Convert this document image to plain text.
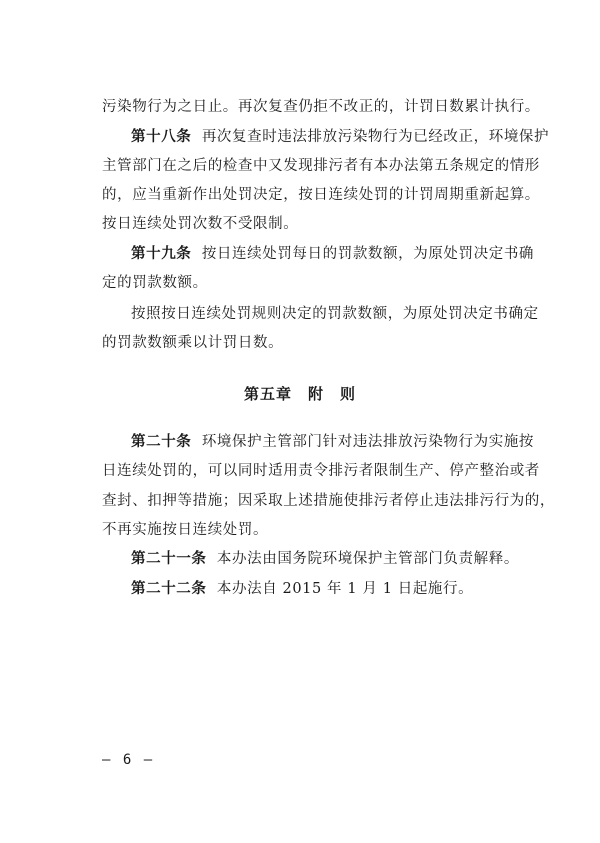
污染物行为之日止。再次复查仍拒不改正的，计罚日数累计执行。
第十八条 再次复查时违法排放污染物行为已经改正，环境保护
主管部门在之后的检查中又发现排污者有本办法第五条规定的情形
的，应当重新作出处罚决定，按日连续处罚的计罚周期重新起算。
按日连续处罚次数不受限制。
第十九条 按日连续处罚每日的罚款数额，为原处罚决定书确
定的罚款数额。
按照按日连续处罚规则决定的罚款数额，为原处罚决定书确定
的罚款数额乘以计罚日数。
第五章 附　则
第二十条 环境保护主管部门针对违法排放污染物行为实施按
日连续处罚的，可以同时适用责令排污者限制生产、停产整治或者
查封、扣押等措施；因采取上述措施使排污者停止违法排污行为的，
不再实施按日连续处罚。
第二十一条 本办法由国务院环境保护主管部门负责解释。
第二十二条 本办法自 2015 年 1 月 1 日起施行。
— 6 —
